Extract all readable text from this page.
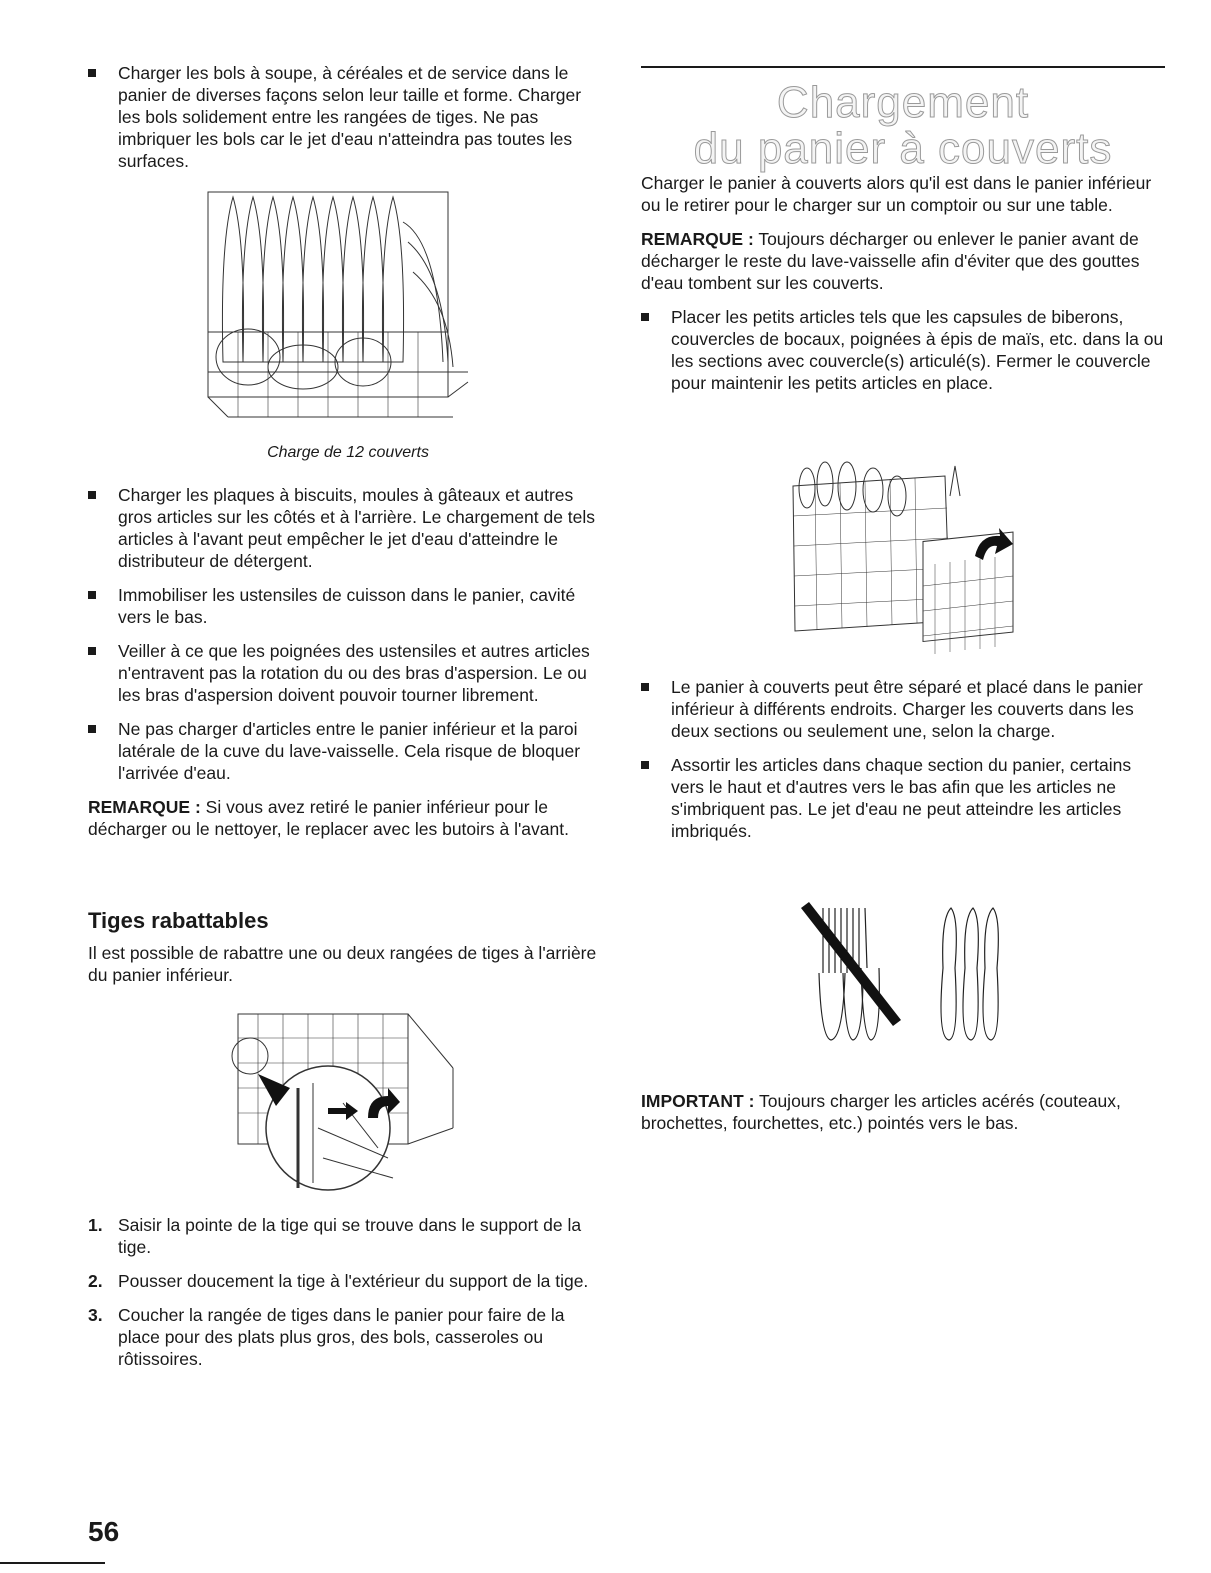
Charger les bols à soupe, à céréales et de service dans le panier de diverses façons selon leur taille et forme. Charger les bols solidement entre les rangées de tiges. Ne pas imbriquer les bols car le jet d'eau n'atteindra pas toutes les surfaces.

Charge de 12 couverts

Charger les plaques à biscuits, moules à gâteaux et autres gros articles sur les côtés et à l'arrière. Le chargement de tels articles à l'avant peut empêcher le jet d'eau d'atteindre le distributeur de détergent.

Immobiliser les ustensiles de cuisson dans le panier, cavité vers le bas.

Veiller à ce que les poignées des ustensiles et autres articles n'entravent pas la rotation du ou des bras d'aspersion. Le ou les bras d'aspersion doivent pouvoir tourner librement.

Ne pas charger d'articles entre le panier inférieur et la paroi latérale de la cuve du lave-vaisselle. Cela risque de bloquer l'arrivée d'eau.

REMARQUE : Si vous avez retiré le panier inférieur pour le décharger ou le nettoyer, le replacer avec les butoirs à l'avant.

Tiges rabattables

Il est possible de rabattre une ou deux rangées de tiges à l'arrière du panier inférieur.

1. Saisir la pointe de la tige qui se trouve dans le support de la tige.

2. Pousser doucement la tige à l'extérieur du support de la tige.

3. Coucher la rangée de tiges dans le panier pour faire de la place pour des plats plus gros, des bols, casseroles ou rôtissoires.

Chargement

du panier à couverts

Charger le panier à couverts alors qu'il est dans le panier inférieur ou le retirer pour le charger sur un comptoir ou sur une table.

REMARQUE : Toujours décharger ou enlever le panier avant de décharger le reste du lave-vaisselle afin d'éviter que des gouttes d'eau tombent sur les couverts.

Placer les petits articles tels que les capsules de biberons, couvercles de bocaux, poignées à épis de maïs, etc. dans la ou les sections avec couvercle(s) articulé(s). Fermer le couvercle pour maintenir les petits articles en place.

Le panier à couverts peut être séparé et placé dans le panier inférieur à différents endroits. Charger les couverts dans les deux sections ou seulement une, selon la charge.

Assortir les articles dans chaque section du panier, certains vers le haut et d'autres vers le bas afin que les articles ne s'imbriquent pas. Le jet d'eau ne peut atteindre les articles imbriqués.

IMPORTANT : Toujours charger les articles acérés (couteaux, brochettes, fourchettes, etc.) pointés vers le bas.

56
